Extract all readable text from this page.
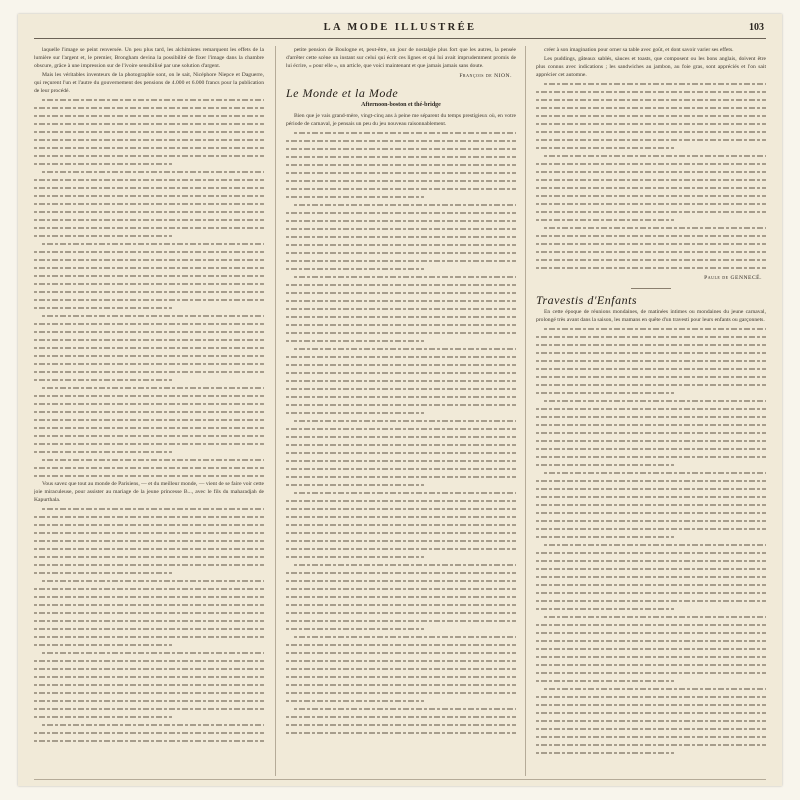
LA MODE ILLUSTRÉE	103

laquelle l'image se peint renversée. Un peu plus tard, les alchimistes remarquent les effets de la lumière sur l'argent et, le premier, Brongham devina la possibilité de fixer l'image dans la chambre obscure, grâce à une impression sur de l'ivoire sensibilisé par une solution d'argent.

Mais les véritables inventeurs de la photographie sont, on le sait, Nicéphore Niepce et Daguerre, qui reçurent l'un et l'autre du gouvernement des pensions de 4.000 et 6.000 francs pour la publication de leur procédé.

Vous savez que tout au monde de Parisiens, — et du meilleur monde, — vient de se faire voir cette joie miraculeuse, pour assister au mariage de la jeune princesse B..., avec le fils du maharadjah de Kapurthala.

petite pension de Boulogne et, peut-être, un jour de nostalgie plus fort que les autres, la pensée d'arrêter cette scène un instant sur celui qui écrit ces lignes et qui lui avait imprudemment promis de lui écrire, « pour elle », un article, que voici maintenant et que jamais jamais sans doute.

François de NION.
Le Monde et la Mode
Afternoon-boston et thé-bridge

Bien que je vais grand-mère, vingt-cinq ans à peine me séparent du temps prestigieux où, en votre période de carnaval, je pensais un peu du jeu nouveau raisonnablement.

créer à son imagination pour orner sa table avec goût, et dont savoir varier ses effets.

Les puddings, gâteaux sablés, sàuces et toasts, que composent ou les bons anglais, doivent être plus connus avec indications ; les sandwiches au jambon, au foie gras, sont appréciés et l'on sait apprécier cet automne.

Paule de GENNECÉ.
Travestis d'Enfants

En cette époque de réunions mondaines, de matinées intimes ou mondaines du jeune carnaval, prolongé très avant dans la saison, les mamans en quête d'un travesti pour leurs enfants ou garçonnets.
